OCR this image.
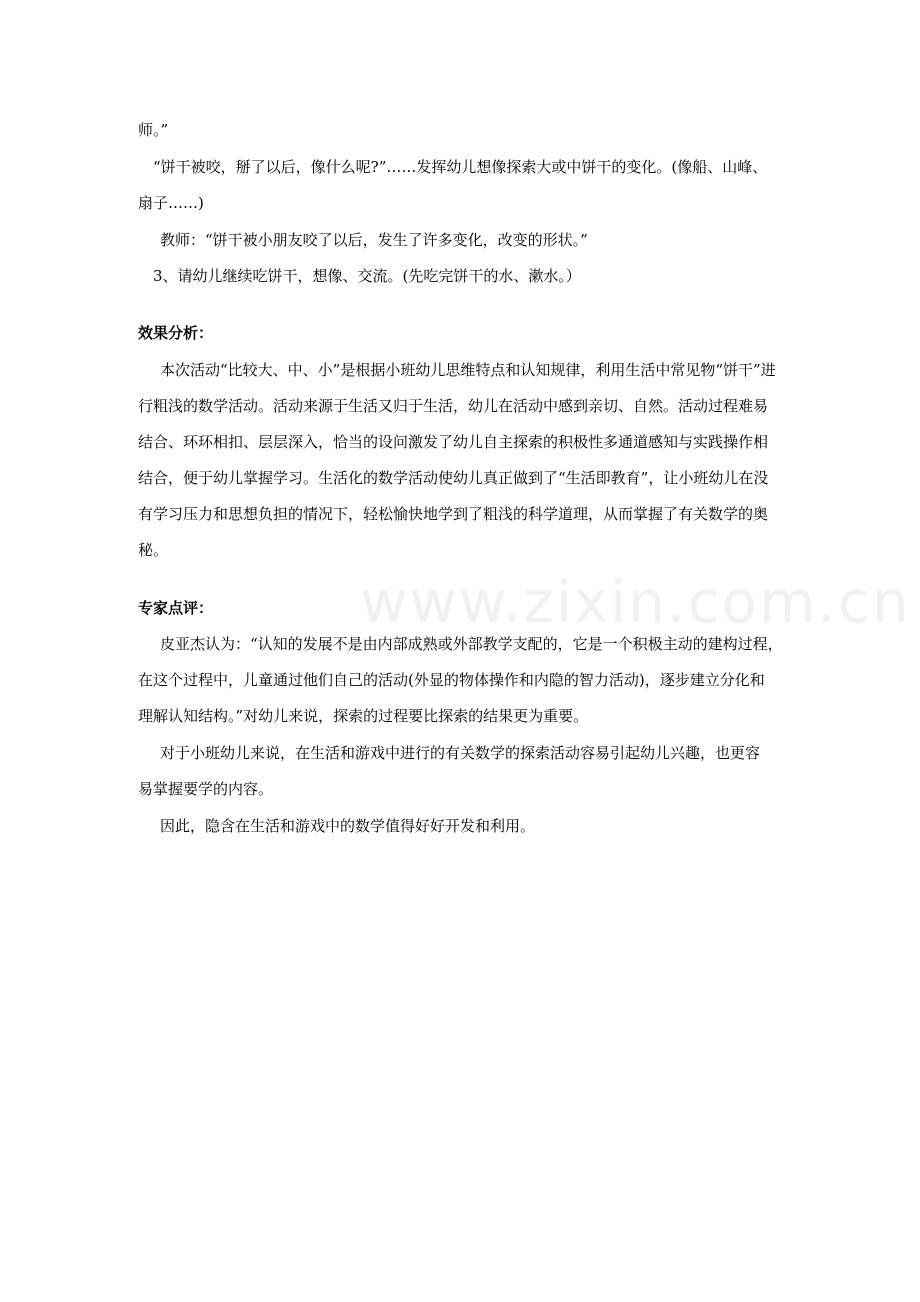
www.zixin.com.cn
师。”
“饼干被咬，掰了以后，像什么呢?”……发挥幼儿想像探索大或中饼干的变化。(像船、山峰、
扇子……)
教师：“饼干被小朋友咬了以后，发生了许多变化，改变的形状。”
3、请幼儿继续吃饼干，想像、交流。(先吃完饼干的水、漱水。）
效果分析：
本次活动“比较大、中、小”是根据小班幼儿思维特点和认知规律，利用生活中常见物“饼干”进
行粗浅的数学活动。活动来源于生活又归于生活，幼儿在活动中感到亲切、自然。活动过程难易
结合、环环相扣、层层深入，恰当的设问激发了幼儿自主探索的积极性多通道感知与实践操作相
结合，便于幼儿掌握学习。生活化的数学活动使幼儿真正做到了“生活即教育”，让小班幼儿在没
有学习压力和思想负担的情况下，轻松愉快地学到了粗浅的科学道理，从而掌握了有关数学的奥
秘。
专家点评：
皮亚杰认为：“认知的发展不是由内部成熟或外部教学支配的，它是一个积极主动的建构过程，
在这个过程中，儿童通过他们自己的活动(外显的物体操作和内隐的智力活动)，逐步建立分化和
理解认知结构。”对幼儿来说，探索的过程要比探索的结果更为重要。
对于小班幼儿来说，在生活和游戏中进行的有关数学的探索活动容易引起幼儿兴趣，也更容
易掌握要学的内容。
因此，隐含在生活和游戏中的数学值得好好开发和利用。
